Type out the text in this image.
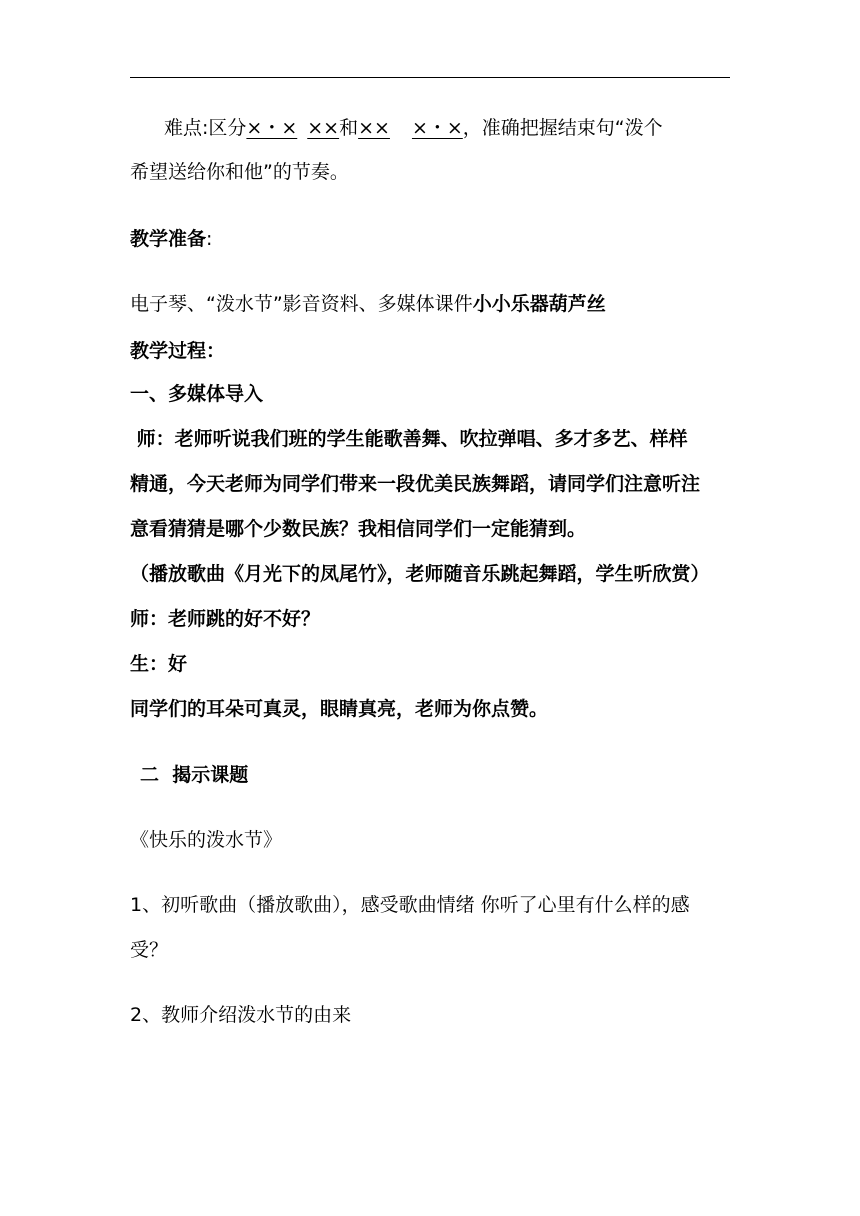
难点:区分×・× ××和×× ×・×，准确把握结束句“泼个
希望送给你和他”的节奏。
教学准备:
电子琴、“泼水节”影音资料、多媒体课件小小乐器葫芦丝
教学过程：
一、多媒体导入
师：老师听说我们班的学生能歌善舞、吹拉弹唱、多才多艺、样样
精通，今天老师为同学们带来一段优美民族舞蹈，请同学们注意听注
意看猜猜是哪个少数民族？我相信同学们一定能猜到。
（播放歌曲《月光下的凤尾竹》，老师随音乐跳起舞蹈，学生听欣赏）
师：老师跳的好不好？
生：好
同学们的耳朵可真灵，眼睛真亮，老师为你点赞。
二  揭示课题
《快乐的泼水节》
1、初听歌曲（播放歌曲），感受歌曲情绪 你听了心里有什么样的感
受？
2、教师介绍泼水节的由来
